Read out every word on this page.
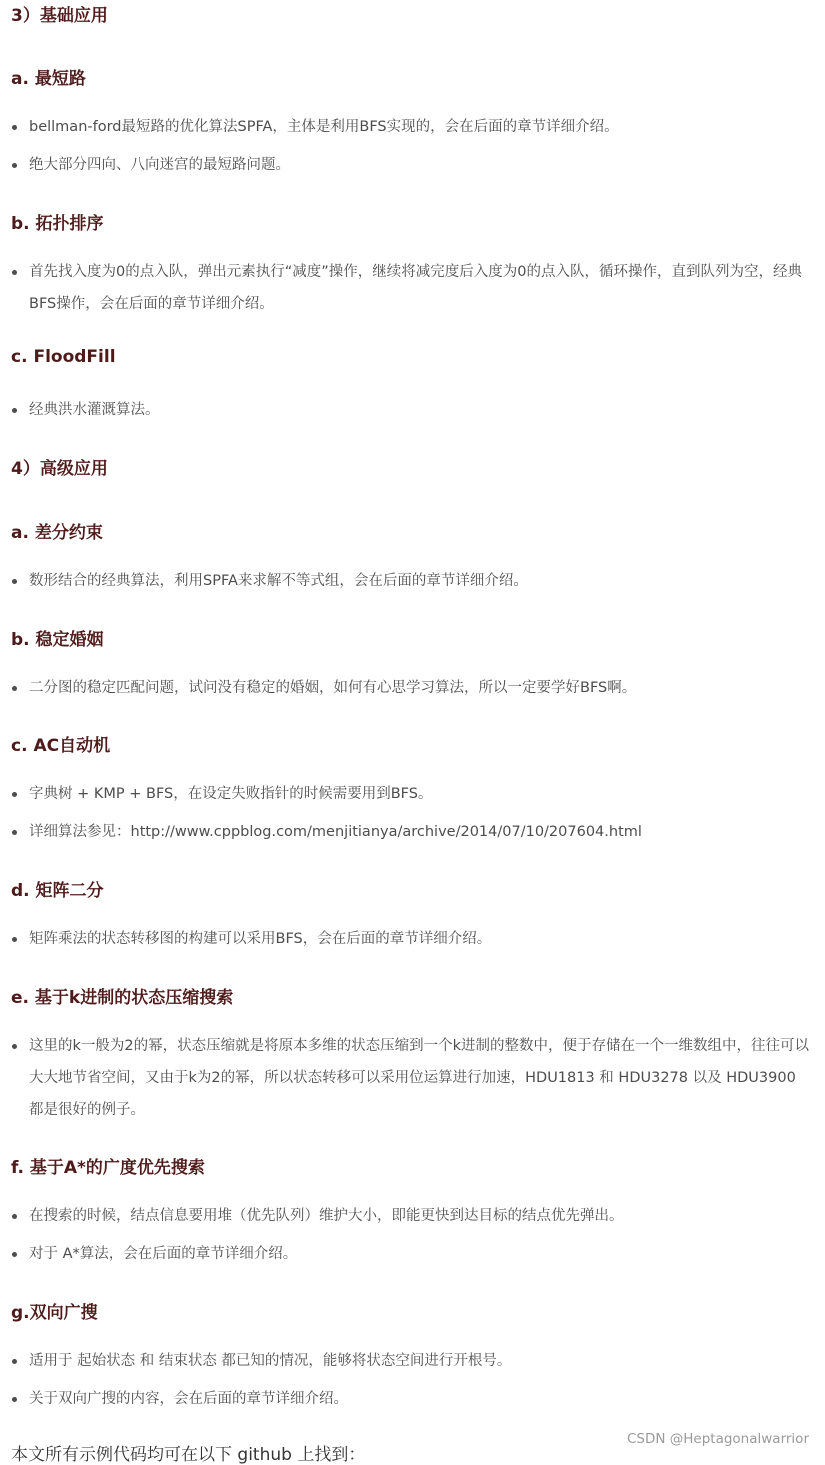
3）基础应用
a. 最短路
bellman-ford最短路的优化算法SPFA，主体是利用BFS实现的，会在后面的章节详细介绍。
绝大部分四向、八向迷宫的最短路问题。
b. 拓扑排序
首先找入度为0的点入队，弹出元素执行“减度”操作，继续将减完度后入度为0的点入队，循环操作，直到队列为空，经典BFS操作，会在后面的章节详细介绍。
c. FloodFill
经典洪水灌溉算法。
4）高级应用
a. 差分约束
数形结合的经典算法，利用SPFA来求解不等式组，会在后面的章节详细介绍。
b. 稳定婚姻
二分图的稳定匹配问题，试问没有稳定的婚姻，如何有心思学习算法，所以一定要学好BFS啊。
c. AC自动机
字典树 + KMP + BFS，在设定失败指针的时候需要用到BFS。
详细算法参见：http://www.cppblog.com/menjitianya/archive/2014/07/10/207604.html
d. 矩阵二分
矩阵乘法的状态转移图的构建可以采用BFS，会在后面的章节详细介绍。
e. 基于k进制的状态压缩搜索
这里的k一般为2的幂，状态压缩就是将原本多维的状态压缩到一个k进制的整数中，便于存储在一个一维数组中，往往可以大大地节省空间，又由于k为2的幂，所以状态转移可以采用位运算进行加速，HDU1813 和 HDU3278 以及 HDU3900 都是很好的例子。
f. 基于A*的广度优先搜索
在搜索的时候，结点信息要用堆（优先队列）维护大小，即能更快到达目标的结点优先弹出。
对于 A*算法，会在后面的章节详细介绍。
g.双向广搜
适用于 起始状态 和 结束状态 都已知的情况，能够将状态空间进行开根号。
关于双向广搜的内容，会在后面的章节详细介绍。
本文所有示例代码均可在以下 github 上找到：
CSDN @Heptagonalwarrior
